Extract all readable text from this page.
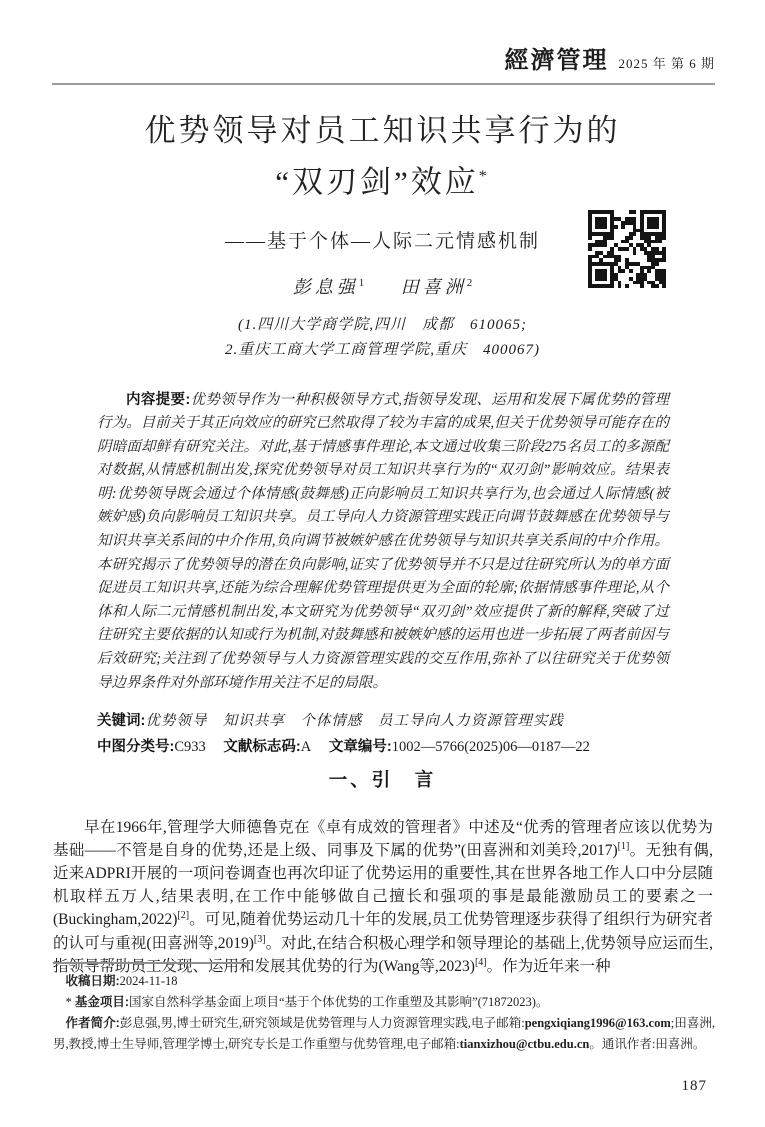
經濟管理 2025 年 第 6 期
优势领导对员工知识共享行为的
“双刃剑”效应*
——基于个体—人际二元情感机制
彭息强$^1$ 田喜洲$^2$
(1.四川大学商学院,四川　成都　610065;
2.重庆工商大学工商管理学院,重庆　400067)

内容提要:优势领导作为一种积极领导方式,指领导发现、运用和发展下属优势的管理行为。目前关于其正向效应的研究已然取得了较为丰富的成果,但关于优势领导可能存在的阴暗面却鲜有研究关注。对此,基于情感事件理论,本文通过收集三阶段275名员工的多源配对数据,从情感机制出发,探究优势领导对员工知识共享行为的“双刃剑”影响效应。结果表明:优势领导既会通过个体情感(鼓舞感)正向影响员工知识共享行为,也会通过人际情感(被嫉妒感)负向影响员工知识共享。员工导向人力资源管理实践正向调节鼓舞感在优势领导与知识共享关系间的中介作用,负向调节被嫉妒感在优势领导与知识共享关系间的中介作用。本研究揭示了优势领导的潜在负向影响,证实了优势领导并不只是过往研究所认为的单方面促进员工知识共享,还能为综合理解优势管理提供更为全面的轮廓;依据情感事件理论,从个体和人际二元情感机制出发,本文研究为优势领导“双刃剑”效应提供了新的解释,突破了过往研究主要依据的认知或行为机制,对鼓舞感和被嫉妒感的运用也进一步拓展了两者前因与后效研究;关注到了优势领导与人力资源管理实践的交互作用,弥补了以往研究关于优势领导边界条件对外部环境作用关注不足的局限。

关键词:优势领导　知识共享　个体情感　员工导向人力资源管理实践
中图分类号:C933 文献标志码:A 文章编号:1002—5766(2025)06—0187—22
一、引　言

早在1966年,管理学大师德鲁克在《卓有成效的管理者》中述及“优秀的管理者应该以优势为基础——不管是自身的优势,还是上级、同事及下属的优势”(田喜洲和刘美玲,2017)[1]。无独有偶,近来ADPRI开展的一项问卷调查也再次印证了优势运用的重要性,其在世界各地工作人口中分层随机取样五万人,结果表明,在工作中能够做自己擅长和强项的事是最能激励员工的要素之一(Buckingham,2022)[2]。可见,随着优势运动几十年的发展,员工优势管理逐步获得了组织行为研究者的认可与重视(田喜洲等,2019)[3]。对此,在结合积极心理学和领导理论的基础上,优势领导应运而生,指领导帮助员工发现、运用和发展其优势的行为(Wang等,2023)[4]。作为近年来一种

收稿日期:2024-11-18

* 基金项目:国家自然科学基金面上项目“基于个体优势的工作重塑及其影响”(71872023)。

作者简介:彭息强,男,博士研究生,研究领域是优势管理与人力资源管理实践,电子邮箱:pengxiqiang1996@163.com;田喜洲,男,教授,博士生导师,管理学博士,研究专长是工作重塑与优势管理,电子邮箱:tianxizhou@ctbu.edu.cn。通讯作者:田喜洲。

187
